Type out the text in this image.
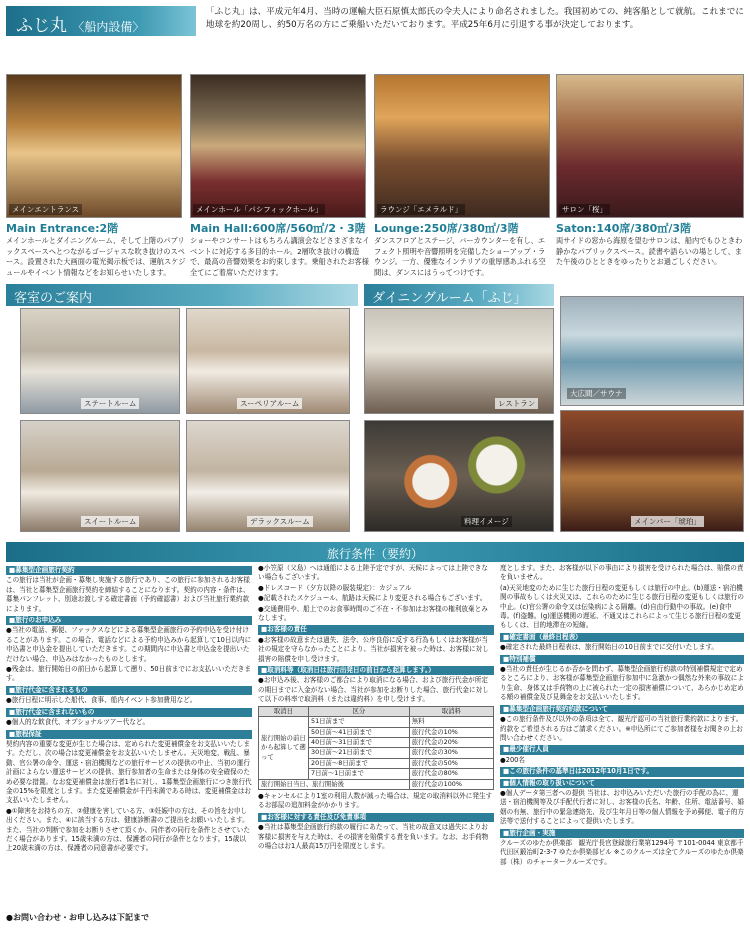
ふじ丸 〈船内設備〉
「ふじ丸」は、平成元年4月、当時の運輸大臣石原慎太郎氏の令夫人により命名されました。我国初めての、純客船として就航。これまでに地球を約20周し、約50万名の方にご乗船いただいております。平成25年6月に引退する事が決定しております。
メインエントランス	メインホール「パシフィックホール」	ラウンジ「エメラルド」	サロン「桜」
Main Entrance:2階
メインホールとダイニングルーム、そして上階のパブリックスペースへとつながるゴージャスな吹き抜けのスペース。設置された大画面の電光掲示板では、運航スケジュールやイベント情報などをお知らせいたします。
Main Hall:600席/560㎡/2・3階
ショーやコンサートはもちろん講演会などさまざまなイベントに対応する多目的ホール。2層吹き抜けの構造で、最高の音響効果をお約束します。乗船されたお客様全てにご着席いただけます。
Lounge:250席/380㎡/3階
ダンスフロアとステージ、バーカウンターを有し、エフェクト照明や音響照明を完備したショーアップ・ラウンジ。一方、優雅なインテリアの重厚感あふれる空間は、ダンスにはうってつけです。
Saton:140席/380㎡/3階
両サイドの窓から海原を望むサロンは、船内でもひときわ静かなパブリックスペース。読書や語らいの場として、また午後のひとときをゆったりとお過ごしください。
客室のご案内	ダイニングルーム「ふじ」
ステートルーム	スーペリアルーム
スイートルーム	デラックスルーム
レストラン
料理イメージ
大広間／サウナ
メインバー「琥珀」
旅行条件（要約）
■募集型企画旅行契約

この旅行は当社が企画・募集し実施する旅行であり、この旅行に参加されるお客様は、当社と募集型企画旅行契約を締結することになります。契約の内容・条件は、募集パンフレット、別途お渡しする確定書面（予約確認書）および当社旅行業約款によります。

■旅行のお申込み

●当社の電話、郵便、ファックスなどによる募集型企画旅行の予約申込を受け付けることがあります。この場合、電話などによる予約申込みから起算して10日以内に申込書と申込金を提出していただきます。この期間内に申込書と申込金を提出いただけない場合、申込みはなかったものとします。

●残金は、旅行開始日の前日から起算して遡り、50日前までにお支払いいただきます。

■旅行代金に含まれるもの

●旅行日程に明示した船代、食事、船内イベント参加費用など。

■旅行代金に含まれないもの

●個人的な飲食代、オプショナルツアー代など。

■旅程保証

契約内容の重要な変更が生じた場合は、定められた変更補償金をお支払いいたします。ただし、次の場合は変更補償金をお支払いいたしません。天災地変、戦乱、暴動、官公署の命令、運送・宿泊機関などの旅行サービスの提供の中止、当初の運行計画によらない運送サービスの提供、旅行参加者の生命または身体の安全確保のため必要な措置。なお変更補償金は旅行者1名に対し、1募集型企画旅行につき旅行代金の15%を限度とします。また変更補償金が千円未満である時は、変更補償金はお支払いいたしません。

●①障害をお持ちの方、②健康を害している方、③妊娠中の方は、その旨をお申し出ください。また、④に該当する方は、健康診断書のご提出をお願いいたします。また、当社の判断で参加をお断りさせて頂くか、同伴者の同行を条件とさせていただく場合があります。15歳未満の方は、保護者の同行が条件となります。15歳以上20歳未満の方は、保護者の同意書が必要です。

●小笠原（父島）へは通船による上陸予定ですが、天候によっては上陸できない場合もございます。

●ドレスコード（夕方以降の服装規定）：カジュアル

●記載されたスケジュール、航路は天候により変更される場合もございます。

●交通費用や、船上でのお食事時間のご不在・不参加はお客様の権利放棄とみなします。

■お客様の責任

●お客様の故意または過失、法令、公序良俗に反する行為もしくはお客様が当社の規定を守らなかったことにより、当社が損害を被った時は、お客様に対し損害の賠償を申し受けます。

■取消料等（取消日は旅行出発日の前日から起算します。）

●お申込み後、お客様のご都合により取消になる場合、および旅行代金が所定の期日までに入金がない場合、当社が参加をお断りした場合、旅行代金に対して以下の料率で取消料（または違約料）を申し受けます。

取消日	区分	取消料
旅行開始の前日から起算して遡って	51日前まで	無料
	50日前～41日前まで	旅行代金の10%
	40日前～31日前まで	旅行代金の20%
	30日前～21日前まで	旅行代金の30%
	20日前～8日前まで	旅行代金の50%
	7日前～1日前まで	旅行代金の80%
旅行開始日当日、旅行開始後		旅行代金の100%

●キャンセルにより1室の利用人数が減った場合は、規定の取消料以外に発生するお部屋の追加料金がかかります。

■お客様に対する責任及び免責事項

●当社は募集型企画旅行約款の履行にあたって、当社の故意又は過失によりお客様に損害を与えた時は、その損害を賠償する責を負います。なお、お手荷物の場合はお1人最高15万円を限度とします。

度とします。また、お客様が以下の事由により損害を受けられた場合は、賠償の責を負いません。

(a)天災地変のために生じた旅行日程の変更もしくは旅行の中止。(b)運送・宿泊機関の事故もしくは火災又は、これらのために生じる旅行日程の変更もしくは旅行の中止。(c)官公署の命令又は伝染病による隔離。(d)自由行動中の事故。(e)食中毒。(f)盗難。(g)運送機関の遅延、不通又はこれらによって生じる旅行日程の変更もしくは、目的地滞在の短縮。

■確定書面（最終日程表）

●確定された最終日程表は、旅行開始日の10日前までに交付いたします。

■特別補償

●当社の責任が生じるか否かを問わず、募集型企画旅行約款の特別補償規定で定めるところにより、お客様が募集型企画旅行参加中に急激かつ偶然な外来の事故により生命、身体又は手荷物の上に被られた一定の損害補償について、あらかじめ定める額の補償金及び見舞金をお支払いいたします。

■募集型企画旅行契約約款について

●この旅行条件及び以外の条項は全て、観光庁認可の当社旅行業約款によります。約款をご希望される方はご請求ください。※申込所にてご参加者様をお聞きの上お問い合わせください。

■最少催行人員

●200名

■この旅行条件の基準日は2012年10月1日です。
■個人情報の取り扱いについて

●個人データ第三者への提供 当社は、お申込みいただいた旅行の手配の為に、運送・宿泊機関等及び手配代行者に対し、お客様の氏名、年齢、住所、電話番号、婚姻の有無、旅行中の緊急連絡先、及び生年月日等の個人情報を予め郵便、電子的方法等で送付することによって提供いたします。

■旅行企画・実施

クルーズのゆたか倶楽部　観光庁長官登録旅行業第1294号 〒101-0044 東京都千代田区鍛冶町2-3-7 ゆたか倶楽部ビル ※このクルーズは全てクルーズのゆたか倶楽部（株）のチャータークルーズです。

●お問い合わせ・お申し込みは下記まで
